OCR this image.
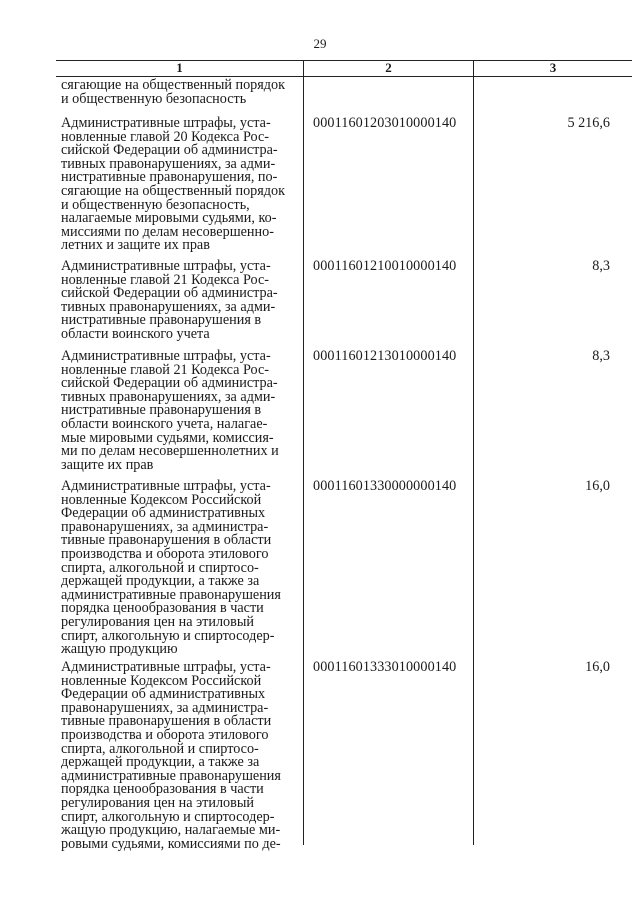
29
1	2	3
сягающие на общественный порядок
и общественную безопасность
Административные штрафы, уста-
новленные главой 20 Кодекса Рос-
сийской Федерации об администра-
тивных правонарушениях, за адми-
нистративные правонарушения, по-
сягающие на общественный порядок
и общественную безопасность,
налагаемые мировыми судьями, ко-
миссиями по делам несовершенно-
летних и защите их прав
00011601203010000140	5 216,6
Административные штрафы, уста-
новленные главой 21 Кодекса Рос-
сийской Федерации об администра-
тивных правонарушениях, за адми-
нистративные правонарушения в
области воинского учета
00011601210010000140	8,3
Административные штрафы, уста-
новленные главой 21 Кодекса Рос-
сийской Федерации об администра-
тивных правонарушениях, за адми-
нистративные правонарушения в
области воинского учета, налагае-
мые мировыми судьями, комиссия-
ми по делам несовершеннолетних и
защите их прав
00011601213010000140	8,3
Административные штрафы, уста-
новленные Кодексом Российской
Федерации об административных
правонарушениях, за администра-
тивные правонарушения в области
производства и оборота этилового
спирта, алкогольной и спиртосо-
держащей продукции, а также за
административные правонарушения
порядка ценообразования в части
регулирования цен на этиловый
спирт, алкогольную и спиртосодер-
жащую продукцию
00011601330000000140	16,0
Административные штрафы, уста-
новленные Кодексом Российской
Федерации об административных
правонарушениях, за администра-
тивные правонарушения в области
производства и оборота этилового
спирта, алкогольной и спиртосо-
держащей продукции, а также за
административные правонарушения
порядка ценообразования в части
регулирования цен на этиловый
спирт, алкогольную и спиртосодер-
жащую продукцию, налагаемые ми-
ровыми судьями, комиссиями по де-
00011601333010000140	16,0
